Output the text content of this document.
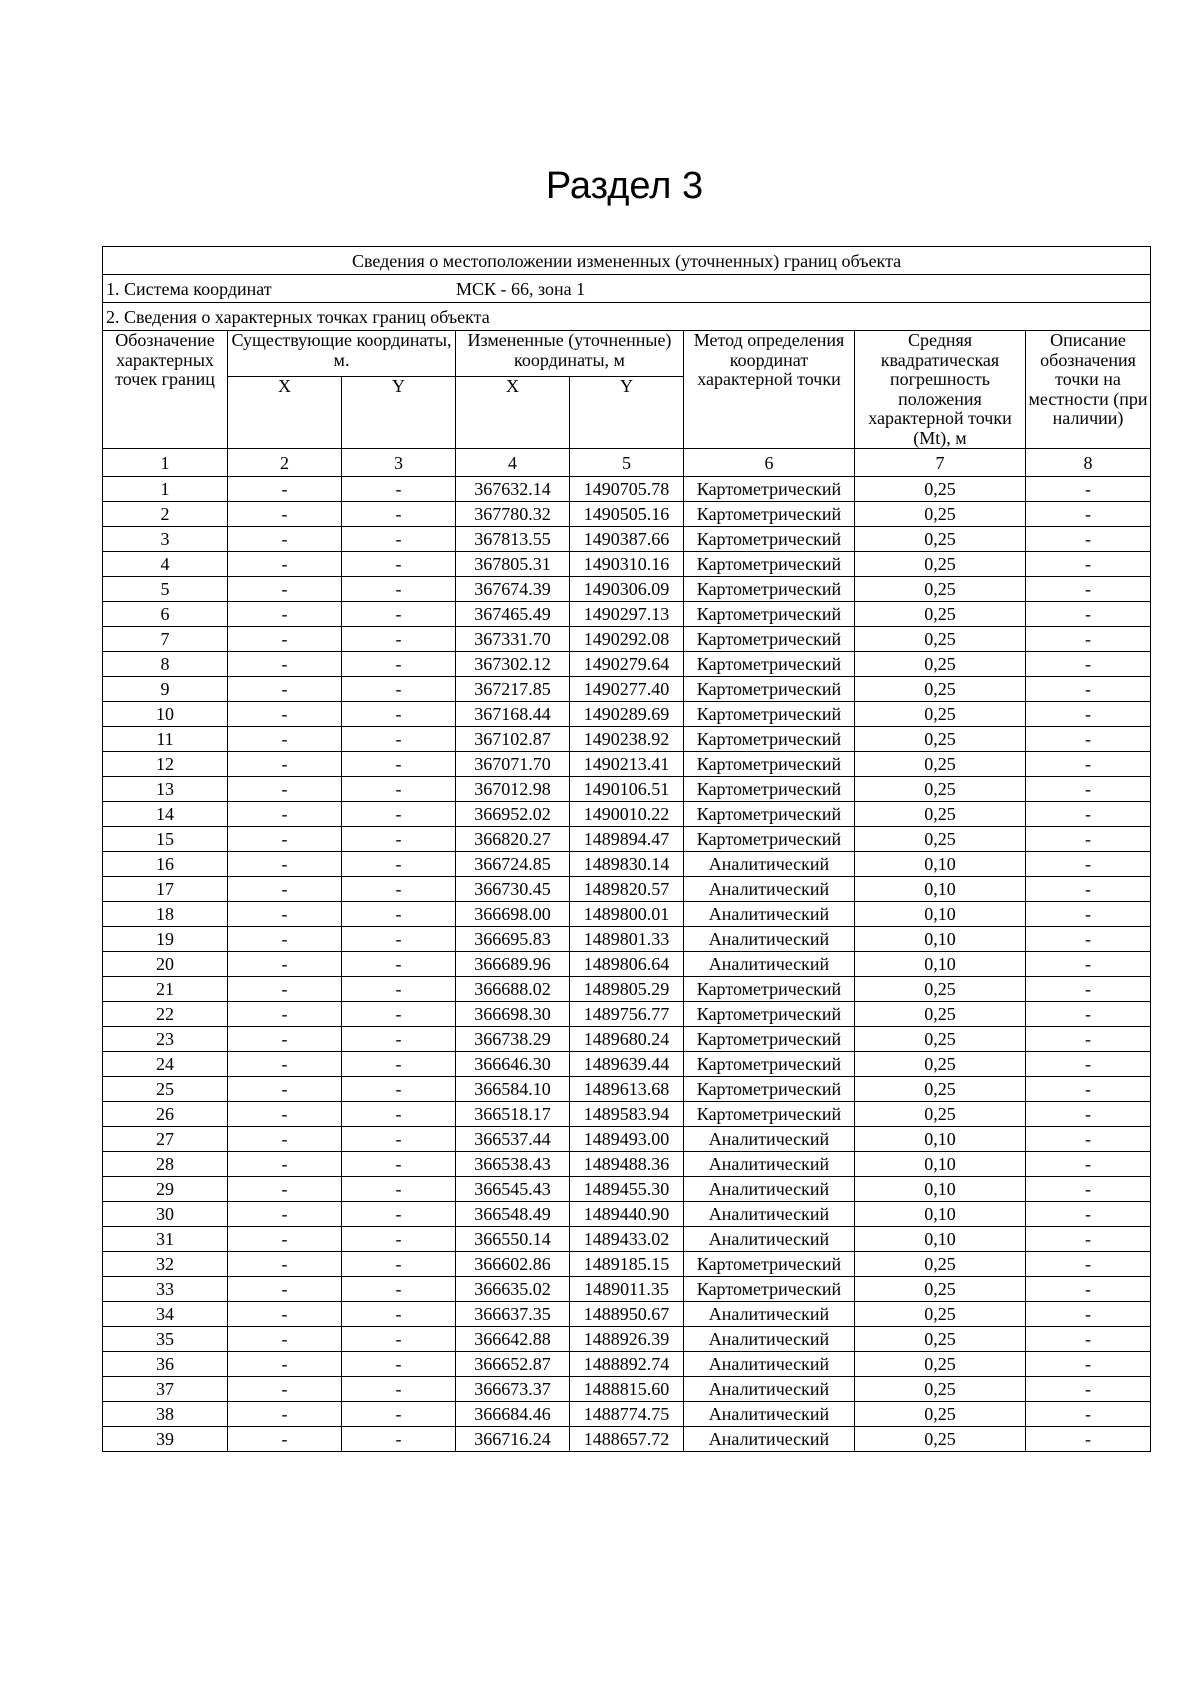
Раздел 3
Сведения о местоположении измененных (уточненных) границ объекта							

1. Система координат МСК - 66, зона 1							

2. Сведения о характерных точках границ объекта							
Обозначение характерных точек границ	Существующие координаты, м.		Измененные (уточненные) координаты, м		Метод определения координат характерной точки	Средняя квадратическая погрешность положения характерной точки (Mt), м	Описание обозначения точки на местности (при наличии)
	X	Y	X	Y			
1	2	3	4	5	6	7	8
1	-	-	367632.14	1490705.78	Картометрический	0,25	-
2	-	-	367780.32	1490505.16	Картометрический	0,25	-
3	-	-	367813.55	1490387.66	Картометрический	0,25	-
4	-	-	367805.31	1490310.16	Картометрический	0,25	-
5	-	-	367674.39	1490306.09	Картометрический	0,25	-
6	-	-	367465.49	1490297.13	Картометрический	0,25	-
7	-	-	367331.70	1490292.08	Картометрический	0,25	-
8	-	-	367302.12	1490279.64	Картометрический	0,25	-
9	-	-	367217.85	1490277.40	Картометрический	0,25	-
10	-	-	367168.44	1490289.69	Картометрический	0,25	-
11	-	-	367102.87	1490238.92	Картометрический	0,25	-
12	-	-	367071.70	1490213.41	Картометрический	0,25	-
13	-	-	367012.98	1490106.51	Картометрический	0,25	-
14	-	-	366952.02	1490010.22	Картометрический	0,25	-
15	-	-	366820.27	1489894.47	Картометрический	0,25	-
16	-	-	366724.85	1489830.14	Аналитический	0,10	-
17	-	-	366730.45	1489820.57	Аналитический	0,10	-
18	-	-	366698.00	1489800.01	Аналитический	0,10	-
19	-	-	366695.83	1489801.33	Аналитический	0,10	-
20	-	-	366689.96	1489806.64	Аналитический	0,10	-
21	-	-	366688.02	1489805.29	Картометрический	0,25	-
22	-	-	366698.30	1489756.77	Картометрический	0,25	-
23	-	-	366738.29	1489680.24	Картометрический	0,25	-
24	-	-	366646.30	1489639.44	Картометрический	0,25	-
25	-	-	366584.10	1489613.68	Картометрический	0,25	-
26	-	-	366518.17	1489583.94	Картометрический	0,25	-
27	-	-	366537.44	1489493.00	Аналитический	0,10	-
28	-	-	366538.43	1489488.36	Аналитический	0,10	-
29	-	-	366545.43	1489455.30	Аналитический	0,10	-
30	-	-	366548.49	1489440.90	Аналитический	0,10	-
31	-	-	366550.14	1489433.02	Аналитический	0,10	-
32	-	-	366602.86	1489185.15	Картометрический	0,25	-
33	-	-	366635.02	1489011.35	Картометрический	0,25	-
34	-	-	366637.35	1488950.67	Аналитический	0,25	-
35	-	-	366642.88	1488926.39	Аналитический	0,25	-
36	-	-	366652.87	1488892.74	Аналитический	0,25	-
37	-	-	366673.37	1488815.60	Аналитический	0,25	-
38	-	-	366684.46	1488774.75	Аналитический	0,25	-
39	-	-	366716.24	1488657.72	Аналитический	0,25	-
